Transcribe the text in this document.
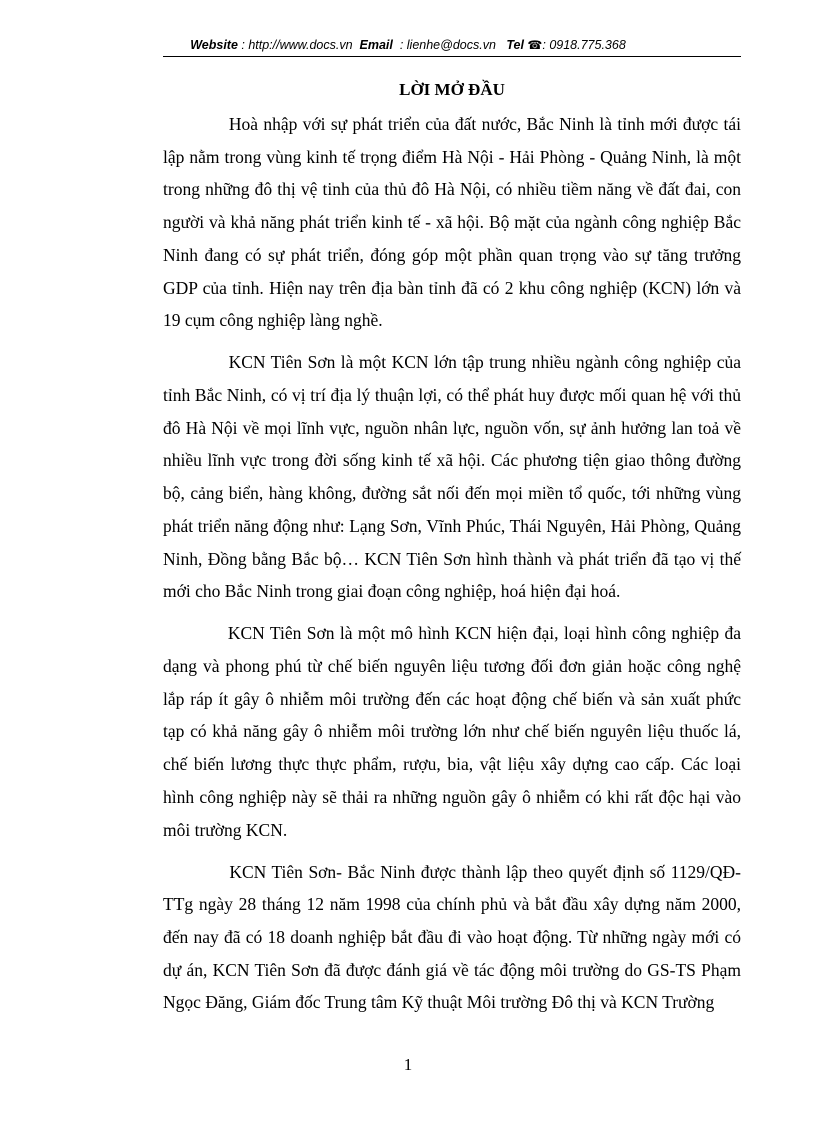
Website : http://www.docs.vn Email : lienhe@docs.vn Tel ☎: 0918.775.368
LỜI MỞ ĐẦU

Hoà nhập với sự phát triển của đất nước, Bắc Ninh là tỉnh mới được tái lập nằm trong vùng kinh tế trọng điểm Hà Nội - Hải Phòng - Quảng Ninh, là một trong những đô thị vệ tinh của thủ đô Hà Nội, có nhiều tiềm năng về đất đai, con người và khả năng phát triển kinh tế - xã hội. Bộ mặt của ngành công nghiệp Bắc Ninh đang có sự phát triển, đóng góp một phần quan trọng vào sự tăng trưởng GDP của tỉnh. Hiện nay trên địa bàn tỉnh đã có 2 khu công nghiệp (KCN) lớn và 19 cụm công nghiệp làng nghề.

KCN Tiên Sơn là một KCN lớn tập trung nhiều ngành công nghiệp của tỉnh Bắc Ninh, có vị trí địa lý thuận lợi, có thể phát huy được mối quan hệ với thủ đô Hà Nội về mọi lĩnh vực, nguồn nhân lực, nguồn vốn, sự ảnh hưởng lan toả về nhiều lĩnh vực trong đời sống kinh tế xã hội. Các phương tiện giao thông đường bộ, cảng biển, hàng không, đường sắt nối đến mọi miền tổ quốc, tới những vùng phát triển năng động như: Lạng Sơn, Vĩnh Phúc, Thái Nguyên, Hải Phòng, Quảng Ninh, Đồng bằng Bắc bộ… KCN Tiên Sơn hình thành và phát triển đã tạo vị thế mới cho Bắc Ninh trong giai đoạn công nghiệp, hoá hiện đại hoá.

KCN Tiên Sơn là một mô hình KCN hiện đại, loại hình công nghiệp đa dạng và phong phú từ chế biến nguyên liệu tương đối đơn giản hoặc công nghệ lắp ráp ít gây ô nhiễm môi trường đến các hoạt động chế biến và sản xuất phức tạp có khả năng gây ô nhiễm môi trường lớn như chế biến nguyên liệu thuốc lá, chế biến lương thực thực phẩm, rượu, bia, vật liệu xây dựng cao cấp. Các loại hình công nghiệp này sẽ thải ra những nguồn gây ô nhiễm có khi rất độc hại vào môi trường KCN.

KCN Tiên Sơn- Bắc Ninh được thành lập theo quyết định số 1129/QĐ-TTg ngày 28 tháng 12 năm 1998 của chính phủ và bắt đầu xây dựng năm 2000, đến nay đã có 18 doanh nghiệp bắt đầu đi vào hoạt động. Từ những ngày mới có dự án, KCN Tiên Sơn đã được đánh giá về tác động môi trường do GS-TS Phạm Ngọc Đăng, Giám đốc Trung tâm Kỹ thuật Môi trường Đô thị và KCN Trường

1
